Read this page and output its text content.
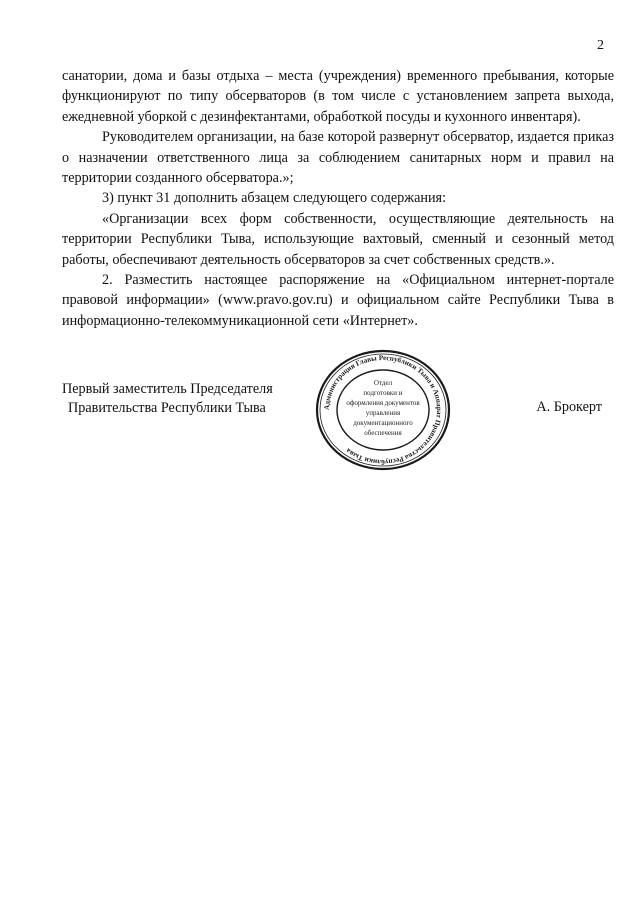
2

санатории, дома и базы отдыха – места (учреждения) временного пребывания, которые функционируют по типу обсерваторов (в том числе с установлением запрета выхода, ежедневной уборкой с дезинфектантами, обработкой посуды и кухонного инвентаря).

Руководителем организации, на базе которой развернут обсерватор, издается приказ о назначении ответственного лица за соблюдением санитарных норм и правил на территории созданного обсерватора.»;

3) пункт 31 дополнить абзацем следующего содержания:

«Организации всех форм собственности, осуществляющие деятельность на территории Республики Тыва, использующие вахтовый, сменный и сезонный метод работы, обеспечивают деятельность обсерваторов за счет собственных средств.».

2. Разместить настоящее распоряжение на «Официальном интернет-портале правовой информации» (www.pravo.gov.ru) и официальном сайте Республики Тыва в информационно-телекоммуникационной сети «Интернет».

Первый заместитель Председателя
Правительства Республики Тыва	Администрация Главы Республики Тыва и Аппарат Правительства Республики Тыва
Отдел
подготовки и
оформления документов
управления
документационного
обеспечения
А. Брокерт
